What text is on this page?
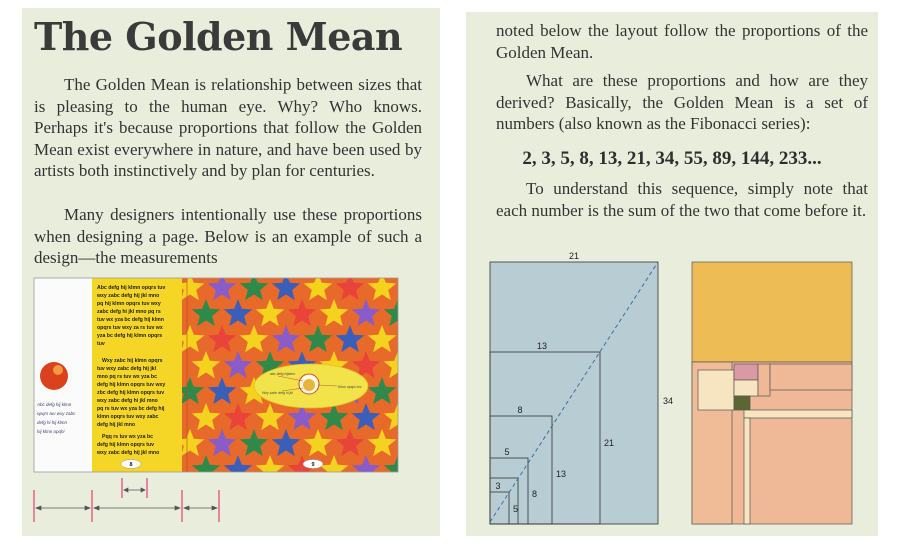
The Golden Mean

The Golden Mean is relationship between sizes that is pleasing to the human eye. Why? Who knows. Perhaps it's because proportions that follow the Golden Mean exist everywhere in nature, and have been used by artists both instinctively and by plan for centuries.

Many designers intentionally use these proportions when designing a page. Below is an example of such a design—the measurements

Abc defg hij klmn opqrs tuv wxy zabc defg hi hij klmn hij klmn opqhi
Abc defg hij klmn opqrs tuv wxy zabc defg hij jkl mno pq hij klmn opqrs tuv wxy zabc defg hi jkl mno pq rs tuv wx yza bc defg hij klmn opqrs tuv wxy za rs tuv wx yza bc defg hij klmn opqrs tuv
Wxy zabc hij klmn opqrs tuv wxy zabc defg hij jkl mno pq rs tuv wx yza bc defg hij klmn opqrs tuv wxy zbc defg hij klmn opqrs tuv wxy zabc defg hi jkl mno pq rs tuv wx yza bc defg hij klmn opqrs tuv wxy zabc defg hij jkl mno
Pqq rs tuv wx yza bc defg hij klmn opqrs tuv wxy zabc defg hij jkl mno
8	9
abc defg hijklmn
Wxy zabc defg hi jkl
Klmn opqrs tuv

noted below the layout follow the proportions of the Golden Mean.

What are these proportions and how are they derived? Basically, the Golden Mean is a set of numbers (also known as the Fibonacci series):

2, 3, 5, 8, 13, 21, 34, 55, 89, 144, 233...

To understand this sequence, simply note that each number is the sum of the two that come before it.

21
34
13
8
5
3
21
13
8
5
